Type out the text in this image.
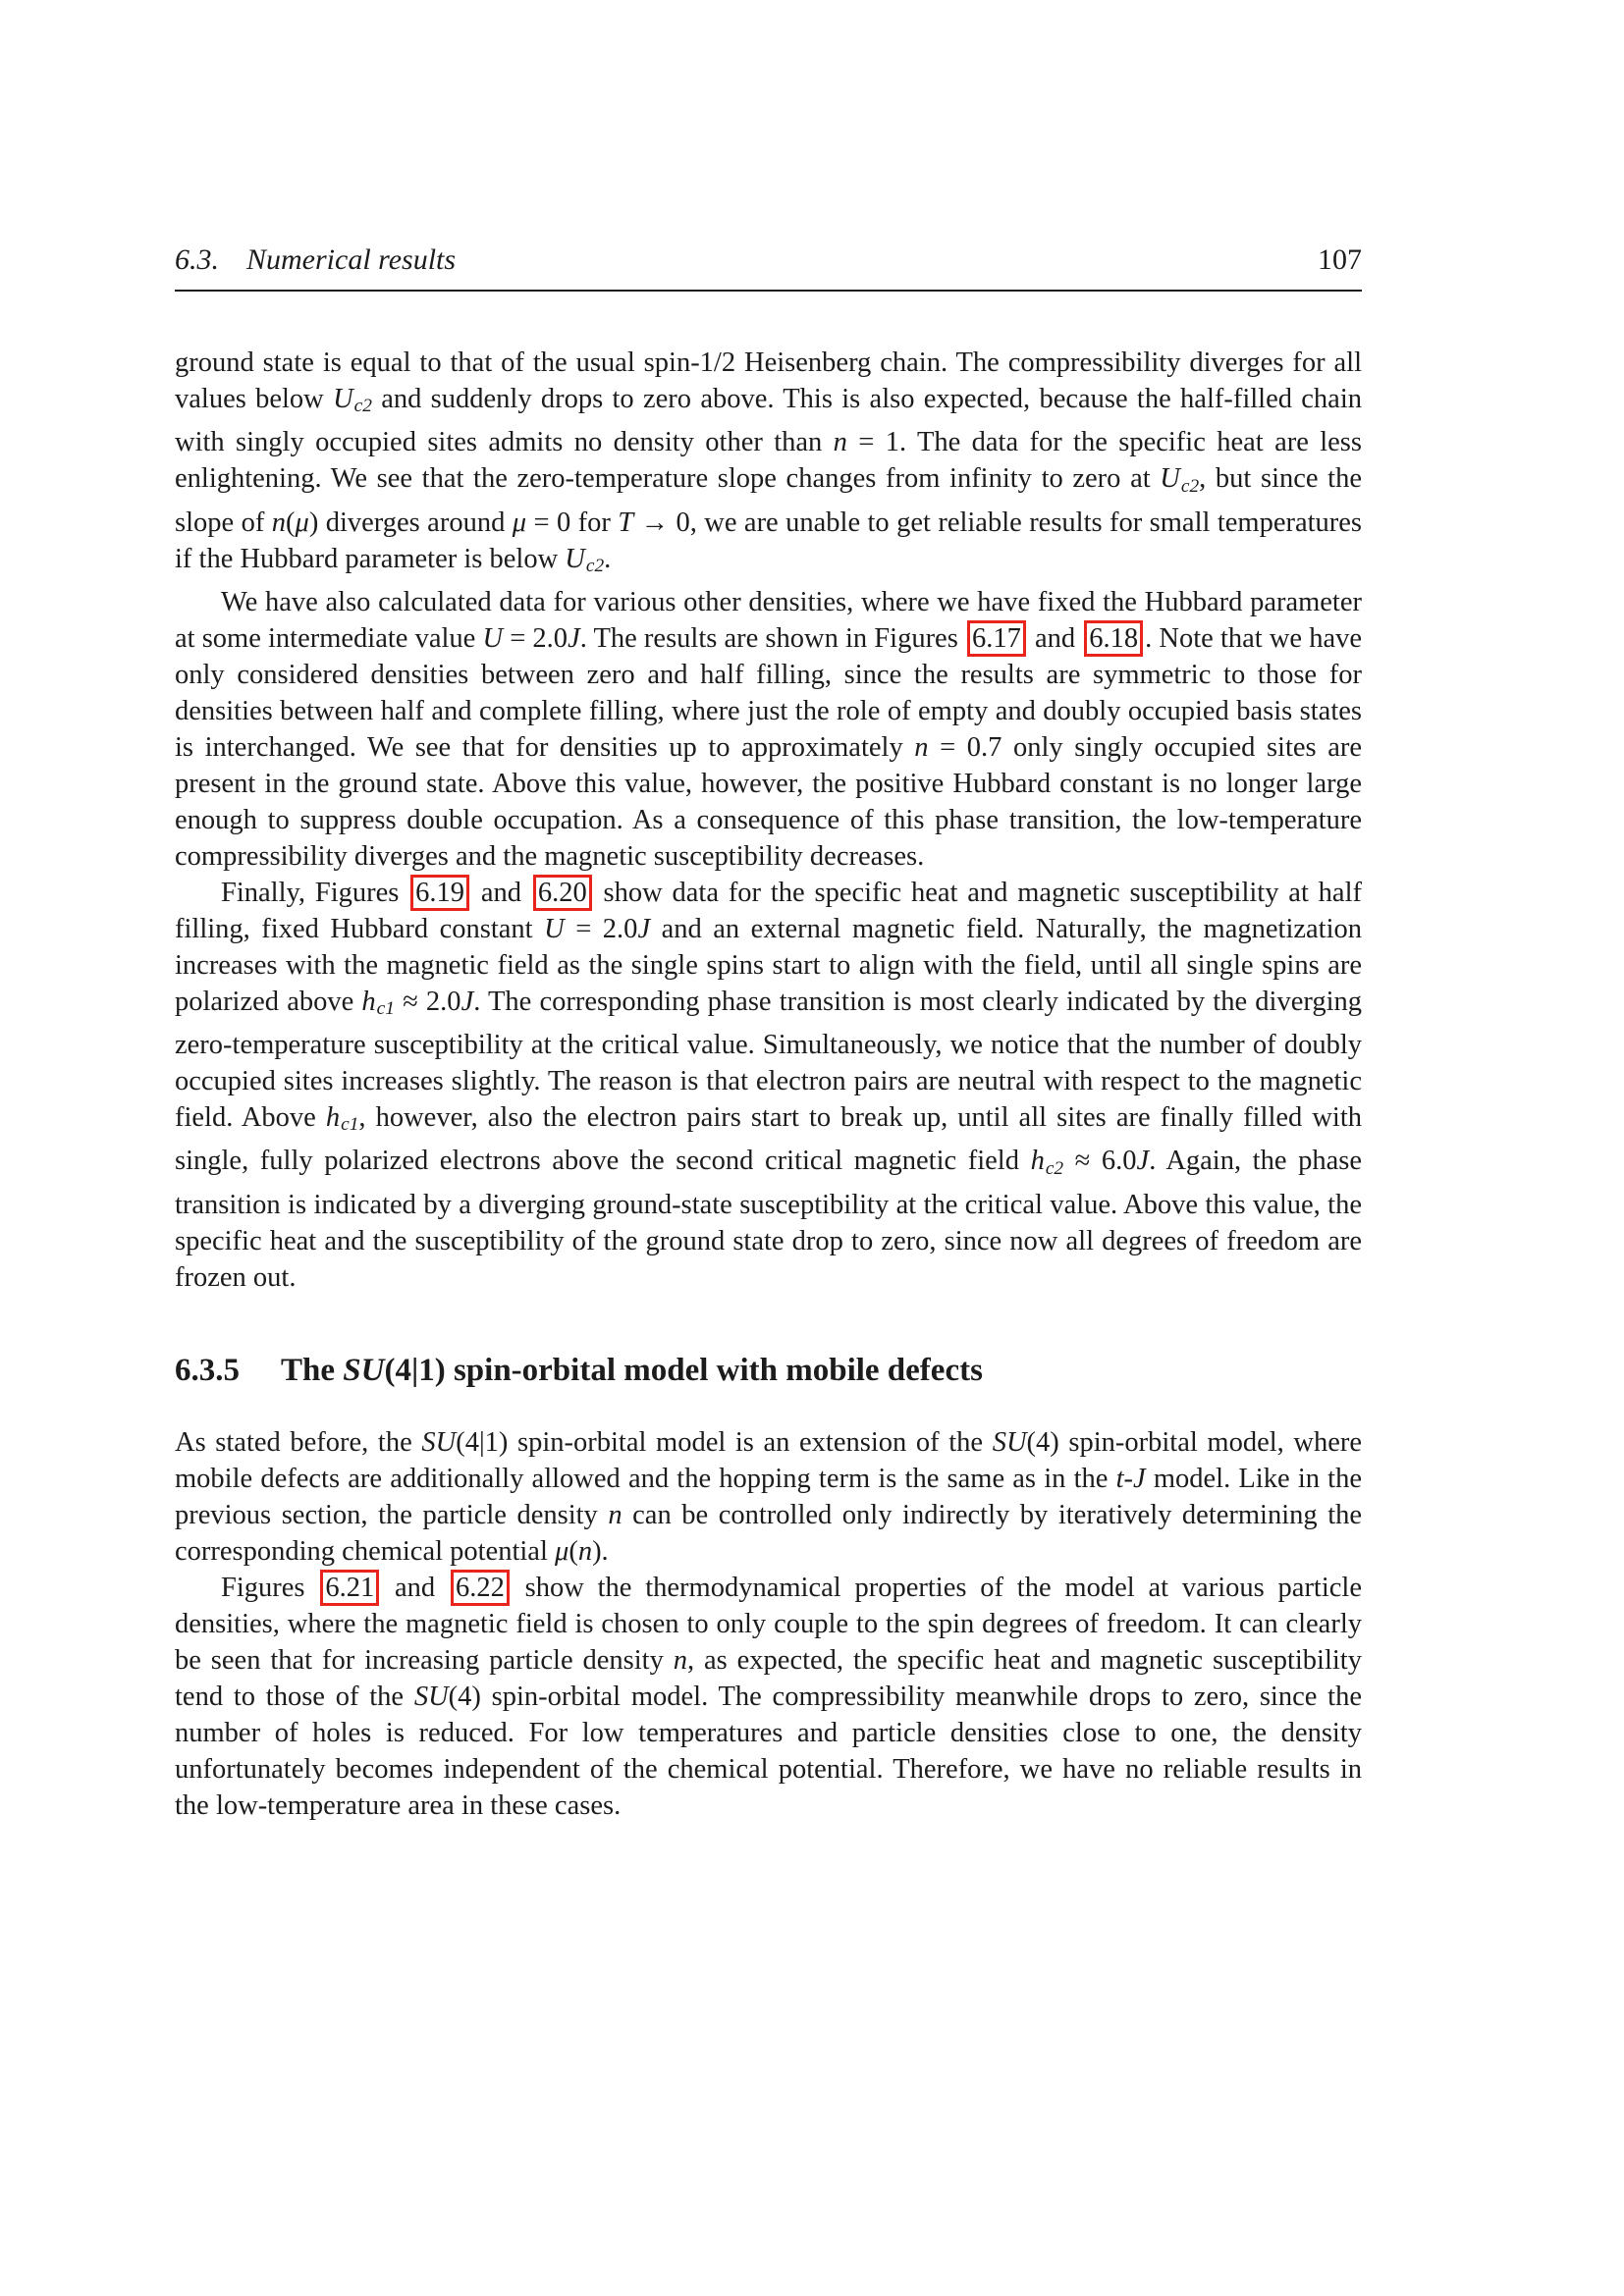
6.3. Numerical results	107

ground state is equal to that of the usual spin-1/2 Heisenberg chain. The compressibility diverges for all values below Uc2 and suddenly drops to zero above. This is also expected, because the half-filled chain with singly occupied sites admits no density other than n = 1. The data for the specific heat are less enlightening. We see that the zero-temperature slope changes from infinity to zero at Uc2, but since the slope of n(μ) diverges around μ = 0 for T → 0, we are unable to get reliable results for small temperatures if the Hubbard parameter is below Uc2.

We have also calculated data for various other densities, where we have fixed the Hubbard parameter at some intermediate value U = 2.0J. The results are shown in Figures 6.17 and 6.18 . Note that we have only considered densities between zero and half filling, since the results are symmetric to those for densities between half and complete filling, where just the role of empty and doubly occupied basis states is interchanged. We see that for densities up to approximately n = 0.7 only singly occupied sites are present in the ground state. Above this value, however, the positive Hubbard constant is no longer large enough to suppress double occupation. As a consequence of this phase transition, the low-temperature compressibility diverges and the magnetic susceptibility decreases.

Finally, Figures 6.19 and 6.20 show data for the specific heat and magnetic susceptibility at half filling, fixed Hubbard constant U = 2.0J and an external magnetic field. Naturally, the magnetization increases with the magnetic field as the single spins start to align with the field, until all single spins are polarized above hc1 ≈ 2.0J. The corresponding phase transition is most clearly indicated by the diverging zero-temperature susceptibility at the critical value. Simultaneously, we notice that the number of doubly occupied sites increases slightly. The reason is that electron pairs are neutral with respect to the magnetic field. Above hc1, however, also the electron pairs start to break up, until all sites are finally filled with single, fully polarized electrons above the second critical magnetic field hc2 ≈ 6.0J. Again, the phase transition is indicated by a diverging ground-state susceptibility at the critical value. Above this value, the specific heat and the susceptibility of the ground state drop to zero, since now all degrees of freedom are frozen out.

6.3.5 The SU(4|1) spin-orbital model with mobile defects

As stated before, the SU(4|1) spin-orbital model is an extension of the SU(4) spin-orbital model, where mobile defects are additionally allowed and the hopping term is the same as in the t-J model. Like in the previous section, the particle density n can be controlled only indirectly by iteratively determining the corresponding chemical potential μ(n).

Figures 6.21 and 6.22 show the thermodynamical properties of the model at various particle densities, where the magnetic field is chosen to only couple to the spin degrees of freedom. It can clearly be seen that for increasing particle density n, as expected, the specific heat and magnetic susceptibility tend to those of the SU(4) spin-orbital model. The compressibility meanwhile drops to zero, since the number of holes is reduced. For low temperatures and particle densities close to one, the density unfortunately becomes independent of the chemical potential. Therefore, we have no reliable results in the low-temperature area in these cases.
